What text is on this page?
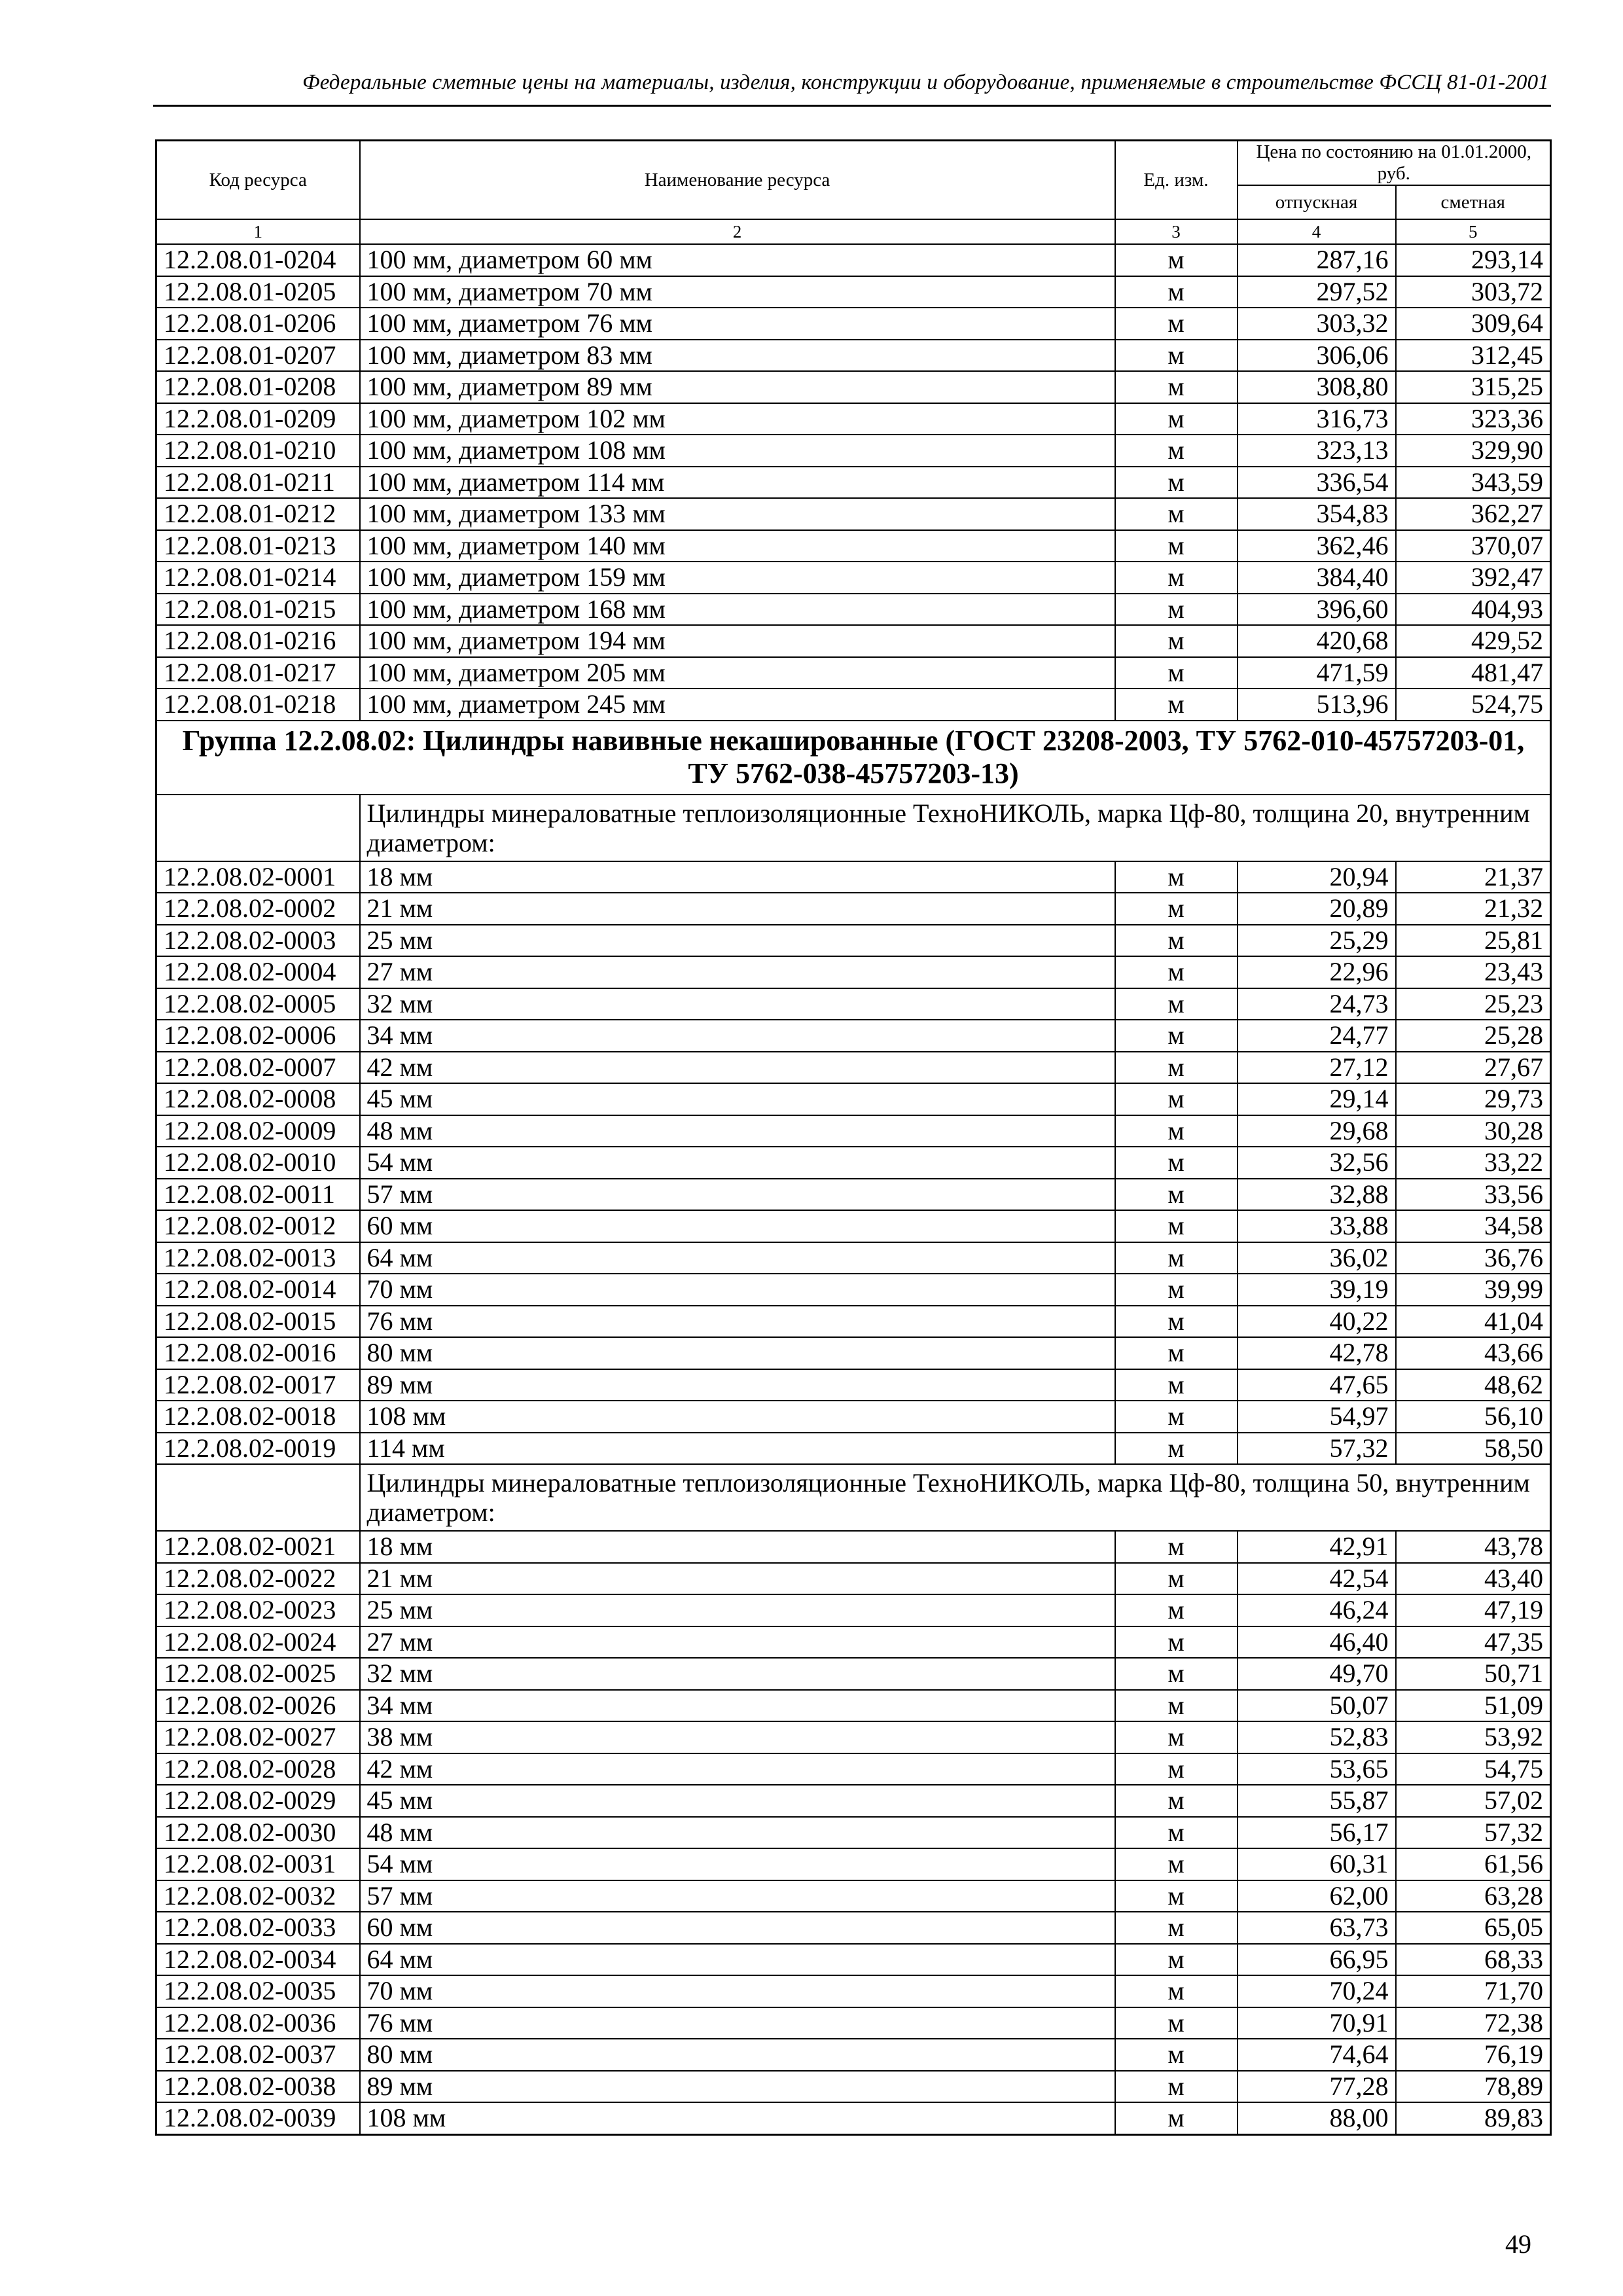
Федеральные сметные цены на материалы, изделия, конструкции и оборудование, применяемые в строительстве ФССЦ 81-01-2001
Код ресурса	Наименование ресурса	Ед. изм.	Цена по состоянию на 01.01.2000, руб.	
			отпускная	сметная
1	2	3	4	5
12.2.08.01-0204	100 мм, диаметром 60 мм	м	287,16	293,14
12.2.08.01-0205	100 мм, диаметром 70 мм	м	297,52	303,72
12.2.08.01-0206	100 мм, диаметром 76 мм	м	303,32	309,64
12.2.08.01-0207	100 мм, диаметром 83 мм	м	306,06	312,45
12.2.08.01-0208	100 мм, диаметром 89 мм	м	308,80	315,25
12.2.08.01-0209	100 мм, диаметром 102 мм	м	316,73	323,36
12.2.08.01-0210	100 мм, диаметром 108 мм	м	323,13	329,90
12.2.08.01-0211	100 мм, диаметром 114 мм	м	336,54	343,59
12.2.08.01-0212	100 мм, диаметром 133 мм	м	354,83	362,27
12.2.08.01-0213	100 мм, диаметром 140 мм	м	362,46	370,07
12.2.08.01-0214	100 мм, диаметром 159 мм	м	384,40	392,47
12.2.08.01-0215	100 мм, диаметром 168 мм	м	396,60	404,93
12.2.08.01-0216	100 мм, диаметром 194 мм	м	420,68	429,52
12.2.08.01-0217	100 мм, диаметром 205 мм	м	471,59	481,47
12.2.08.01-0218	100 мм, диаметром 245 мм	м	513,96	524,75
Группа 12.2.08.02: Цилиндры навивные некашированные (ГОСТ 23208-2003, ТУ 5762-010-45757203-01, ТУ 5762-038-45757203-13)				
	Цилиндры минераловатные теплоизоляционные ТехноНИКОЛЬ, марка Цф-80, толщина 20, внутренним диаметром:			
12.2.08.02-0001	18 мм	м	20,94	21,37
12.2.08.02-0002	21 мм	м	20,89	21,32
12.2.08.02-0003	25 мм	м	25,29	25,81
12.2.08.02-0004	27 мм	м	22,96	23,43
12.2.08.02-0005	32 мм	м	24,73	25,23
12.2.08.02-0006	34 мм	м	24,77	25,28
12.2.08.02-0007	42 мм	м	27,12	27,67
12.2.08.02-0008	45 мм	м	29,14	29,73
12.2.08.02-0009	48 мм	м	29,68	30,28
12.2.08.02-0010	54 мм	м	32,56	33,22
12.2.08.02-0011	57 мм	м	32,88	33,56
12.2.08.02-0012	60 мм	м	33,88	34,58
12.2.08.02-0013	64 мм	м	36,02	36,76
12.2.08.02-0014	70 мм	м	39,19	39,99
12.2.08.02-0015	76 мм	м	40,22	41,04
12.2.08.02-0016	80 мм	м	42,78	43,66
12.2.08.02-0017	89 мм	м	47,65	48,62
12.2.08.02-0018	108 мм	м	54,97	56,10
12.2.08.02-0019	114 мм	м	57,32	58,50
	Цилиндры минераловатные теплоизоляционные ТехноНИКОЛЬ, марка Цф-80, толщина 50, внутренним диаметром:			
12.2.08.02-0021	18 мм	м	42,91	43,78
12.2.08.02-0022	21 мм	м	42,54	43,40
12.2.08.02-0023	25 мм	м	46,24	47,19
12.2.08.02-0024	27 мм	м	46,40	47,35
12.2.08.02-0025	32 мм	м	49,70	50,71
12.2.08.02-0026	34 мм	м	50,07	51,09
12.2.08.02-0027	38 мм	м	52,83	53,92
12.2.08.02-0028	42 мм	м	53,65	54,75
12.2.08.02-0029	45 мм	м	55,87	57,02
12.2.08.02-0030	48 мм	м	56,17	57,32
12.2.08.02-0031	54 мм	м	60,31	61,56
12.2.08.02-0032	57 мм	м	62,00	63,28
12.2.08.02-0033	60 мм	м	63,73	65,05
12.2.08.02-0034	64 мм	м	66,95	68,33
12.2.08.02-0035	70 мм	м	70,24	71,70
12.2.08.02-0036	76 мм	м	70,91	72,38
12.2.08.02-0037	80 мм	м	74,64	76,19
12.2.08.02-0038	89 мм	м	77,28	78,89
12.2.08.02-0039	108 мм	м	88,00	89,83
49
